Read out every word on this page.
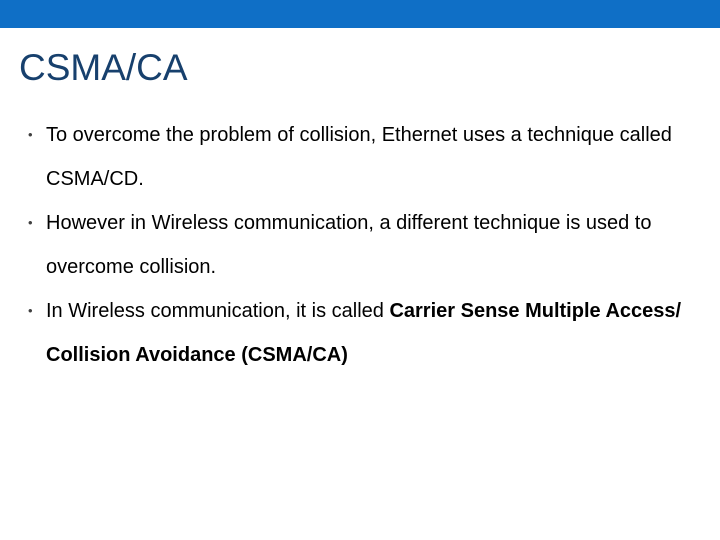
CSMA/CA
• To overcome the problem of collision, Ethernet uses a technique called CSMA/CD.
• However in Wireless communication, a different technique is used to overcome collision.
• In Wireless communication, it is called Carrier Sense Multiple Access/ Collision Avoidance (CSMA/CA)
